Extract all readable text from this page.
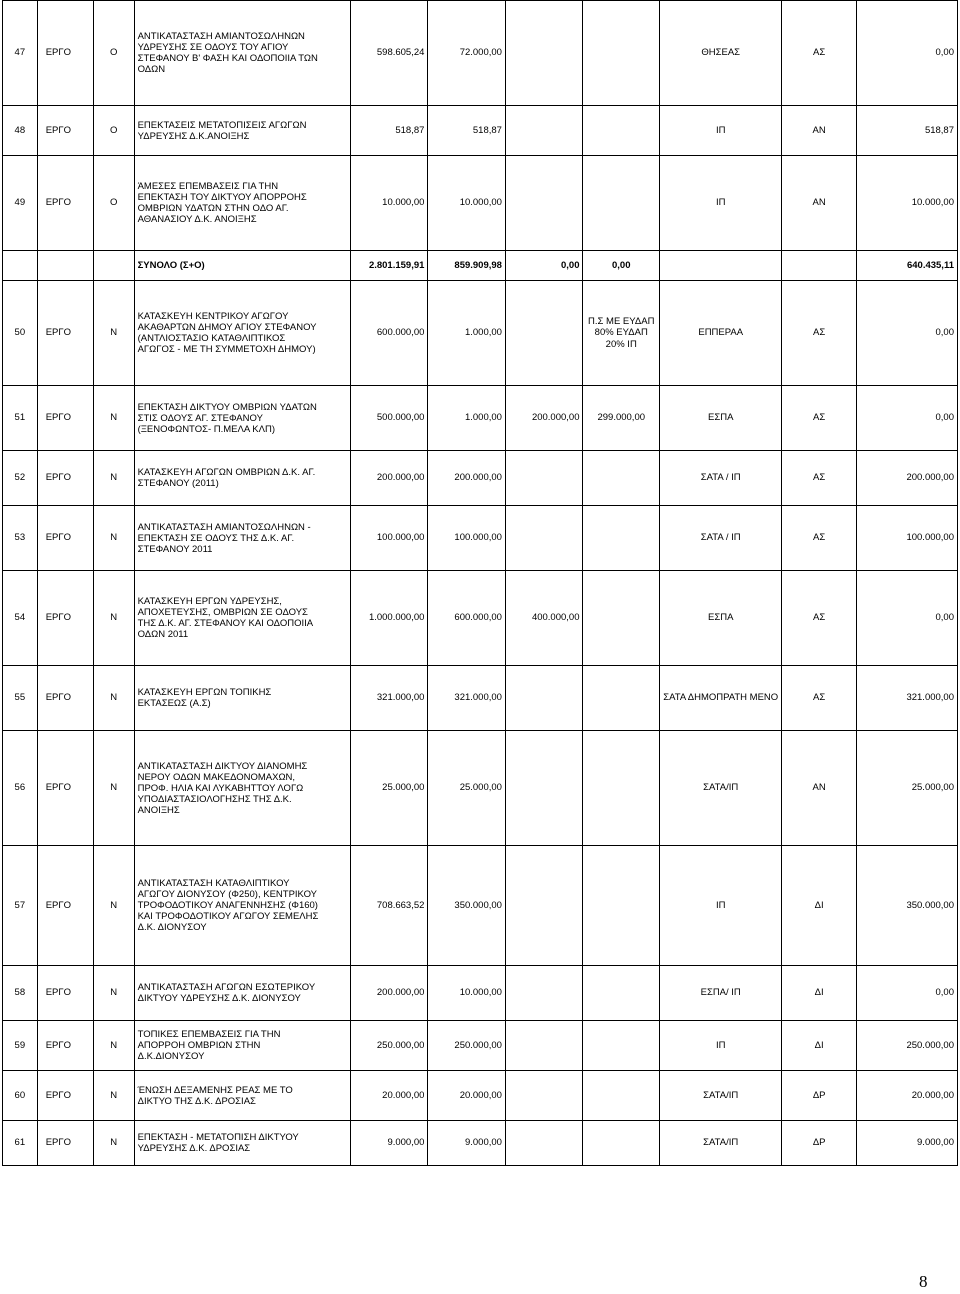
47	ΕΡΓΟ	Ο	ΑΝΤΙΚΑΤΑΣΤΑΣΗ ΑΜΙΑΝΤΟΣΩΛΗΝΩΝ ΥΔΡΕΥΣΗΣ ΣΕ ΟΔΟΥΣ ΤΟΥ ΑΓΙΟΥ ΣΤΕΦΑΝΟΥ Β' ΦΑΣΗ ΚΑΙ ΟΔΟΠΟΙΙΑ ΤΩΝ ΟΔΩΝ	598.605,24	72.000,00			ΘΗΣΕΑΣ	ΑΣ	0,00
48	ΕΡΓΟ	Ο	ΕΠΕΚΤΑΣΕΙΣ ΜΕΤΑΤΟΠΙΣΕΙΣ ΑΓΩΓΩΝ ΥΔΡΕΥΣΗΣ Δ.Κ.ΑΝΟΙΞΗΣ	518,87	518,87			ΙΠ	ΑΝ	518,87
49	ΕΡΓΟ	Ο	ΆΜΕΣΕΣ ΕΠΕΜΒΑΣΕΙΣ ΓΙΑ ΤΗΝ ΕΠΕΚΤΑΣΗ ΤΟΥ ΔΙΚΤΥΟΥ ΑΠΟΡΡΟΗΣ ΟΜΒΡΙΩΝ ΥΔΑΤΩΝ ΣΤΗΝ ΟΔΟ ΑΓ. ΑΘΑΝΑΣΙΟΥ Δ.Κ. ΑΝΟΙΞΗΣ	10.000,00	10.000,00			ΙΠ	ΑΝ	10.000,00
			ΣΥΝΟΛΟ (Σ+Ο)	2.801.159,91	859.909,98	0,00	0,00			640.435,11
50	ΕΡΓΟ	Ν	ΚΑΤΑΣΚΕΥΗ ΚΕΝΤΡΙΚΟΥ ΑΓΩΓΟΥ ΑΚΑΘΑΡΤΩΝ ΔΗΜΟΥ ΑΓΙΟΥ ΣΤΕΦΑΝΟΥ (ΑΝΤΛΙΟΣΤΑΣΙΟ ΚΑΤΑΘΛΙΠΤΙΚΟΣ ΑΓΩΓΟΣ - ΜΕ ΤΗ ΣΥΜΜΕΤΟΧΗ ΔΗΜΟΥ)	600.000,00	1.000,00		Π.Σ ΜΕ ΕΥΔΑΠ 80% ΕΥΔΑΠ 20% ΙΠ	ΕΠΠΕΡΑΑ	ΑΣ	0,00
51	ΕΡΓΟ	Ν	ΕΠΕΚΤΑΣΗ ΔΙΚΤΥΟΥ ΟΜΒΡΙΩΝ ΥΔΑΤΩΝ ΣΤΙΣ ΟΔΟΥΣ ΑΓ. ΣΤΕΦΑΝΟΥ (ΞΕΝΟΦΩΝΤΟΣ- Π.ΜΕΛΑ ΚΛΠ)	500.000,00	1.000,00	200.000,00	299.000,00	ΕΣΠΑ	ΑΣ	0,00
52	ΕΡΓΟ	Ν	ΚΑΤΑΣΚΕΥΗ ΑΓΩΓΩΝ ΟΜΒΡΙΩΝ Δ.Κ. ΑΓ. ΣΤΕΦΑΝΟΥ (2011)	200.000,00	200.000,00			ΣΑΤΑ / ΙΠ	ΑΣ	200.000,00
53	ΕΡΓΟ	Ν	ΑΝΤΙΚΑΤΑΣΤΑΣΗ ΑΜΙΑΝΤΟΣΩΛΗΝΩΝ - ΕΠΕΚΤΑΣΗ ΣΕ ΟΔΟΥΣ ΤΗΣ Δ.Κ. ΑΓ. ΣΤΕΦΑΝΟΥ 2011	100.000,00	100.000,00			ΣΑΤΑ / ΙΠ	ΑΣ	100.000,00
54	ΕΡΓΟ	Ν	ΚΑΤΑΣΚΕΥΗ ΕΡΓΩΝ ΥΔΡΕΥΣΗΣ, ΑΠΟΧΕΤΕΥΣΗΣ, ΟΜΒΡΙΩΝ ΣΕ ΟΔΟΥΣ ΤΗΣ Δ.Κ. ΑΓ. ΣΤΕΦΑΝΟΥ ΚΑΙ ΟΔΟΠΟΙΙΑ ΟΔΩΝ 2011	1.000.000,00	600.000,00	400.000,00		ΕΣΠΑ	ΑΣ	0,00
55	ΕΡΓΟ	Ν	ΚΑΤΑΣΚΕΥΗ ΕΡΓΩΝ ΤΟΠΙΚΗΣ ΕΚΤΑΣΕΩΣ (Α.Σ)	321.000,00	321.000,00			ΣΑΤΑ ΔΗΜΟΠΡΑΤΗ ΜΕΝΟ	ΑΣ	321.000,00
56	ΕΡΓΟ	Ν	ΑΝΤΙΚΑΤΑΣΤΑΣΗ ΔΙΚΤΥΟΥ ΔΙΑΝΟΜΗΣ ΝΕΡΟΥ ΟΔΩΝ ΜΑΚΕΔΟΝΟΜΑΧΩΝ, ΠΡΟΦ. ΗΛΙΑ ΚΑΙ ΛΥΚΑΒΗΤΤΟΥ ΛΟΓΩ ΥΠΟΔΙΑΣΤΑΣΙΟΛΟΓΗΣΗΣ ΤΗΣ Δ.Κ. ΑΝΟΙΞΗΣ	25.000,00	25.000,00			ΣΑΤΑ/ΙΠ	ΑΝ	25.000,00
57	ΕΡΓΟ	Ν	ΑΝΤΙΚΑΤΑΣΤΑΣΗ ΚΑΤΑΘΛΙΠΤΙΚΟΥ ΑΓΩΓΟΥ ΔΙΟΝΥΣΟΥ (Φ250), ΚΕΝΤΡΙΚΟΥ ΤΡΟΦΟΔΟΤΙΚΟΥ ΑΝΑΓΕΝΝΗΣΗΣ (Φ160) ΚΑΙ ΤΡΟΦΟΔΟΤΙΚΟΥ ΑΓΩΓΟΥ ΣΕΜΕΛΗΣ Δ.Κ. ΔΙΟΝΥΣΟΥ	708.663,52	350.000,00			ΙΠ	ΔΙ	350.000,00
58	ΕΡΓΟ	Ν	ΑΝΤΙΚΑΤΑΣΤΑΣΗ ΑΓΩΓΩΝ ΕΣΩΤΕΡΙΚΟΥ ΔΙΚΤΥΟΥ ΥΔΡΕΥΣΗΣ Δ.Κ. ΔΙΟΝΥΣΟΥ	200.000,00	10.000,00			ΕΣΠΑ/ ΙΠ	ΔΙ	0,00
59	ΕΡΓΟ	Ν	ΤΟΠΙΚΕΣ ΕΠΕΜΒΑΣΕΙΣ ΓΙΑ ΤΗΝ ΑΠΟΡΡΟΗ ΟΜΒΡΙΩΝ ΣΤΗΝ Δ.Κ.ΔΙΟΝΥΣΟΥ	250.000,00	250.000,00			ΙΠ	ΔΙ	250.000,00
60	ΕΡΓΟ	Ν	ΈΝΩΣΗ ΔΕΞΑΜΕΝΗΣ ΡΕΑΣ ΜΕ ΤΟ ΔΙΚΤΥΟ ΤΗΣ Δ.Κ. ΔΡΟΣΙΑΣ	20.000,00	20.000,00			ΣΑΤΑ/ΙΠ	ΔΡ	20.000,00
61	ΕΡΓΟ	Ν	ΕΠΕΚΤΑΣΗ - ΜΕΤΑΤΟΠΙΣΗ ΔΙΚΤΥΟΥ ΥΔΡΕΥΣΗΣ Δ.Κ. ΔΡΟΣΙΑΣ	9.000,00	9.000,00			ΣΑΤΑ/ΙΠ	ΔΡ	9.000,00
8
